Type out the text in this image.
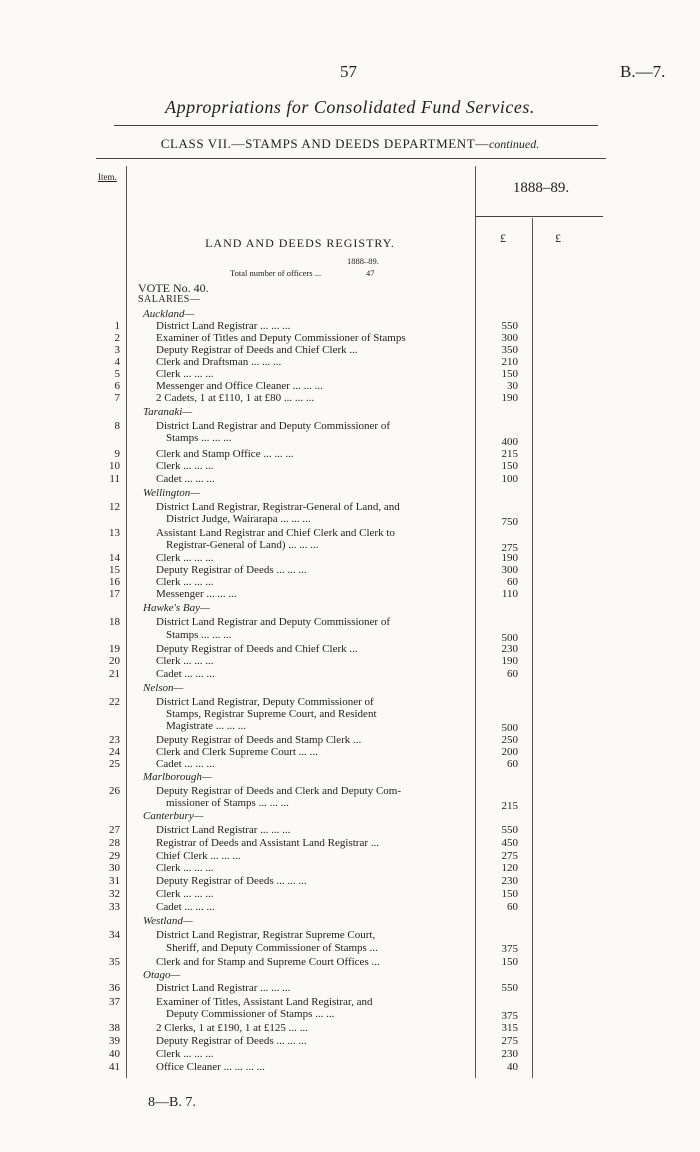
57	B.—7.
Appropriations for Consolidated Fund Services.
CLASS VII.—STAMPS AND DEEDS DEPARTMENT—continued.
Item.
1888–89.
£	£
LAND AND DEEDS REGISTRY.
1888–89.
Total number of officers ...	47
VOTE No. 40.
SALARIES—
Auckland—
1	District Land Registrar ... ... ...	550
2	Examiner of Titles and Deputy Commissioner of Stamps	300
3	Deputy Registrar of Deeds and Chief Clerk ...	350
4	Clerk and Draftsman ... ... ...	210
5	Clerk ... ... ...	150
6	Messenger and Office Cleaner ... ... ...	30
7	2 Cadets, 1 at £110, 1 at £80 ... ... ...	190
Taranaki—
8	District Land Registrar and Deputy Commissioner of
Stamps ... ... ...	400
9	Clerk and Stamp Office ... ... ...	215
10	Clerk ... ... ...	150
11	Cadet ... ... ...	100
Wellington—
12	District Land Registrar, Registrar-General of Land, and
District Judge, Wairarapa ... ... ...	750
13	Assistant Land Registrar and Chief Clerk and Clerk to
Registrar-General of Land) ... ... ...	275
14	Clerk ... ... ...	190
15	Deputy Registrar of Deeds ... ... ...	300
16	Clerk ... ... ...	60
17	Messenger ... ... ...	110
Hawke's Bay—
18	District Land Registrar and Deputy Commissioner of
Stamps ... ... ...	500
19	Deputy Registrar of Deeds and Chief Clerk ...	230
20	Clerk ... ... ...	190
21	Cadet ... ... ...	60
Nelson—
22	District Land Registrar, Deputy Commissioner of
Stamps, Registrar Supreme Court, and Resident
Magistrate ... ... ...	500
23	Deputy Registrar of Deeds and Stamp Clerk ...	250
24	Clerk and Clerk Supreme Court ... ...	200
25	Cadet ... ... ...	60
Marlborough—
26	Deputy Registrar of Deeds and Clerk and Deputy Com-
missioner of Stamps ... ... ...	215
Canterbury—
27	District Land Registrar ... ... ...	550
28	Registrar of Deeds and Assistant Land Registrar ...	450
29	Chief Clerk ... ... ...	275
30	Clerk ... ... ...	120
31	Deputy Registrar of Deeds ... ... ...	230
32	Clerk ... ... ...	150
33	Cadet ... ... ...	60
Westland—
34	District Land Registrar, Registrar Supreme Court,
Sheriff, and Deputy Commissioner of Stamps ...	375
35	Clerk and for Stamp and Supreme Court Offices ...	150
Otago—
36	District Land Registrar ... ... ...	550
37	Examiner of Titles, Assistant Land Registrar, and
Deputy Commissioner of Stamps ... ...	375
38	2 Clerks, 1 at £190, 1 at £125 ... ...	315
39	Deputy Registrar of Deeds ... ... ...	275
40	Clerk ... ... ...	230
41	Office Cleaner ... ... ... ...	40
8—B. 7.
